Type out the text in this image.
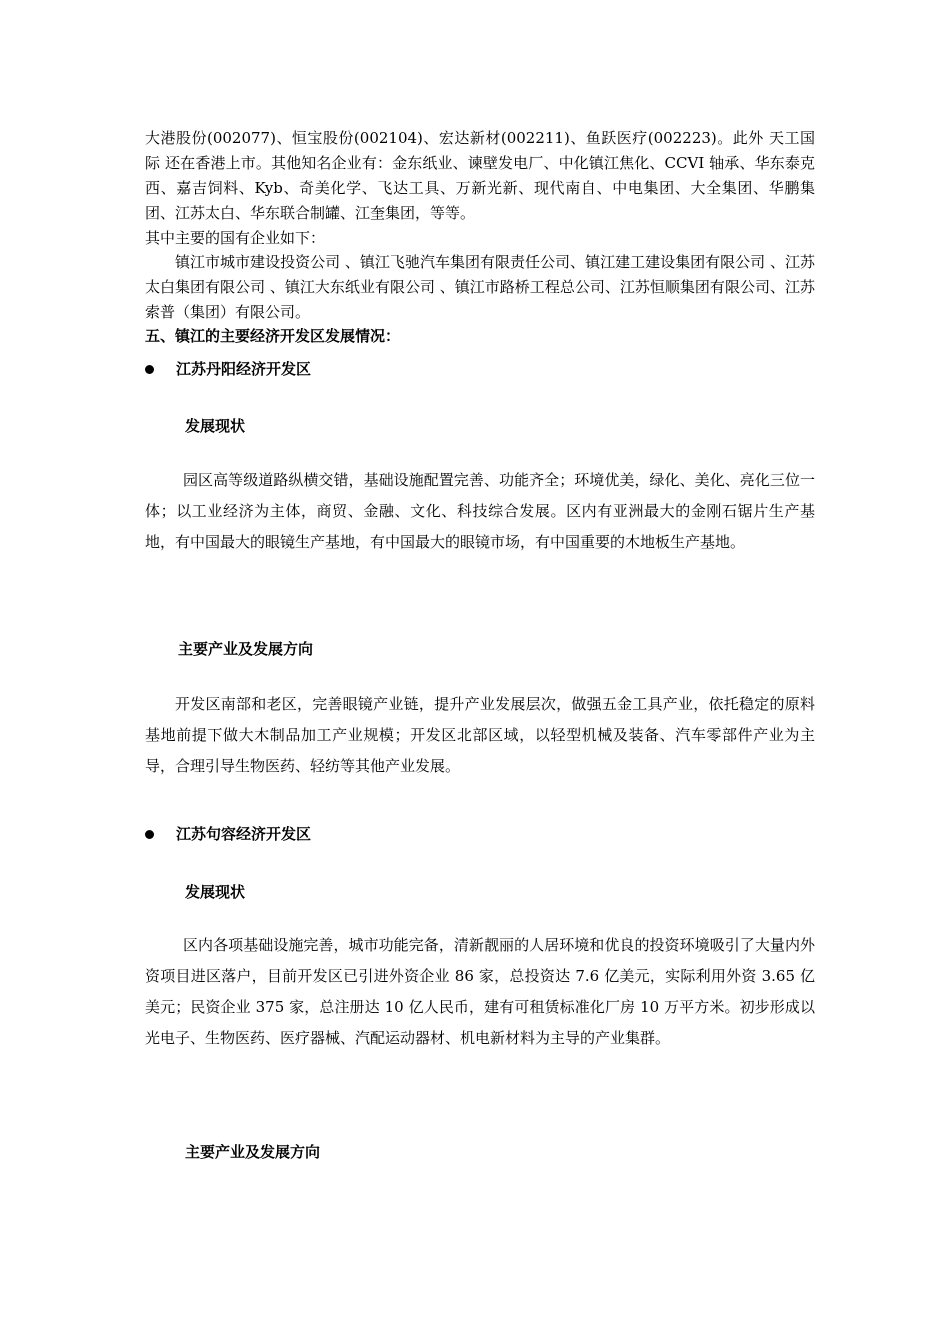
大港股份(002077)、恒宝股份(002104)、宏达新材(002211)、鱼跃医疗(002223)。此外 天工国际 还在香港上市。其他知名企业有：金东纸业、谏壁发电厂、中化镇江焦化、CCVI 轴承、华东泰克西、嘉吉饲料、Kyb、奇美化学、飞达工具、万新光新、现代南自、中电集团、大全集团、华鹏集团、江苏太白、华东联合制罐、江奎集团，等等。

其中主要的国有企业如下：

镇江市城市建设投资公司 、镇江飞驰汽车集团有限责任公司、镇江建工建设集团有限公司 、江苏太白集团有限公司 、镇江大东纸业有限公司 、镇江市路桥工程总公司、江苏恒顺集团有限公司、江苏索普（集团）有限公司。

五、镇江的主要经济开发区发展情况：

江苏丹阳经济开发区

发展现状

园区高等级道路纵横交错，基础设施配置完善、功能齐全；环境优美，绿化、美化、亮化三位一体；以工业经济为主体，商贸、金融、文化、科技综合发展。区内有亚洲最大的金刚石锯片生产基地，有中国最大的眼镜生产基地，有中国最大的眼镜市场，有中国重要的木地板生产基地。

主要产业及发展方向

开发区南部和老区，完善眼镜产业链，提升产业发展层次，做强五金工具产业，依托稳定的原料基地前提下做大木制品加工产业规模；开发区北部区域，以轻型机械及装备、汽车零部件产业为主导，合理引导生物医药、轻纺等其他产业发展。

江苏句容经济开发区

发展现状

区内各项基础设施完善，城市功能完备，清新靓丽的人居环境和优良的投资环境吸引了大量内外资项目进区落户，目前开发区已引进外资企业 86 家，总投资达 7.6 亿美元，实际利用外资 3.65 亿美元；民资企业 375 家，总注册达 10 亿人民币，建有可租赁标准化厂房 10 万平方米。初步形成以光电子、生物医药、医疗器械、汽配运动器材、机电新材料为主导的产业集群。

主要产业及发展方向
